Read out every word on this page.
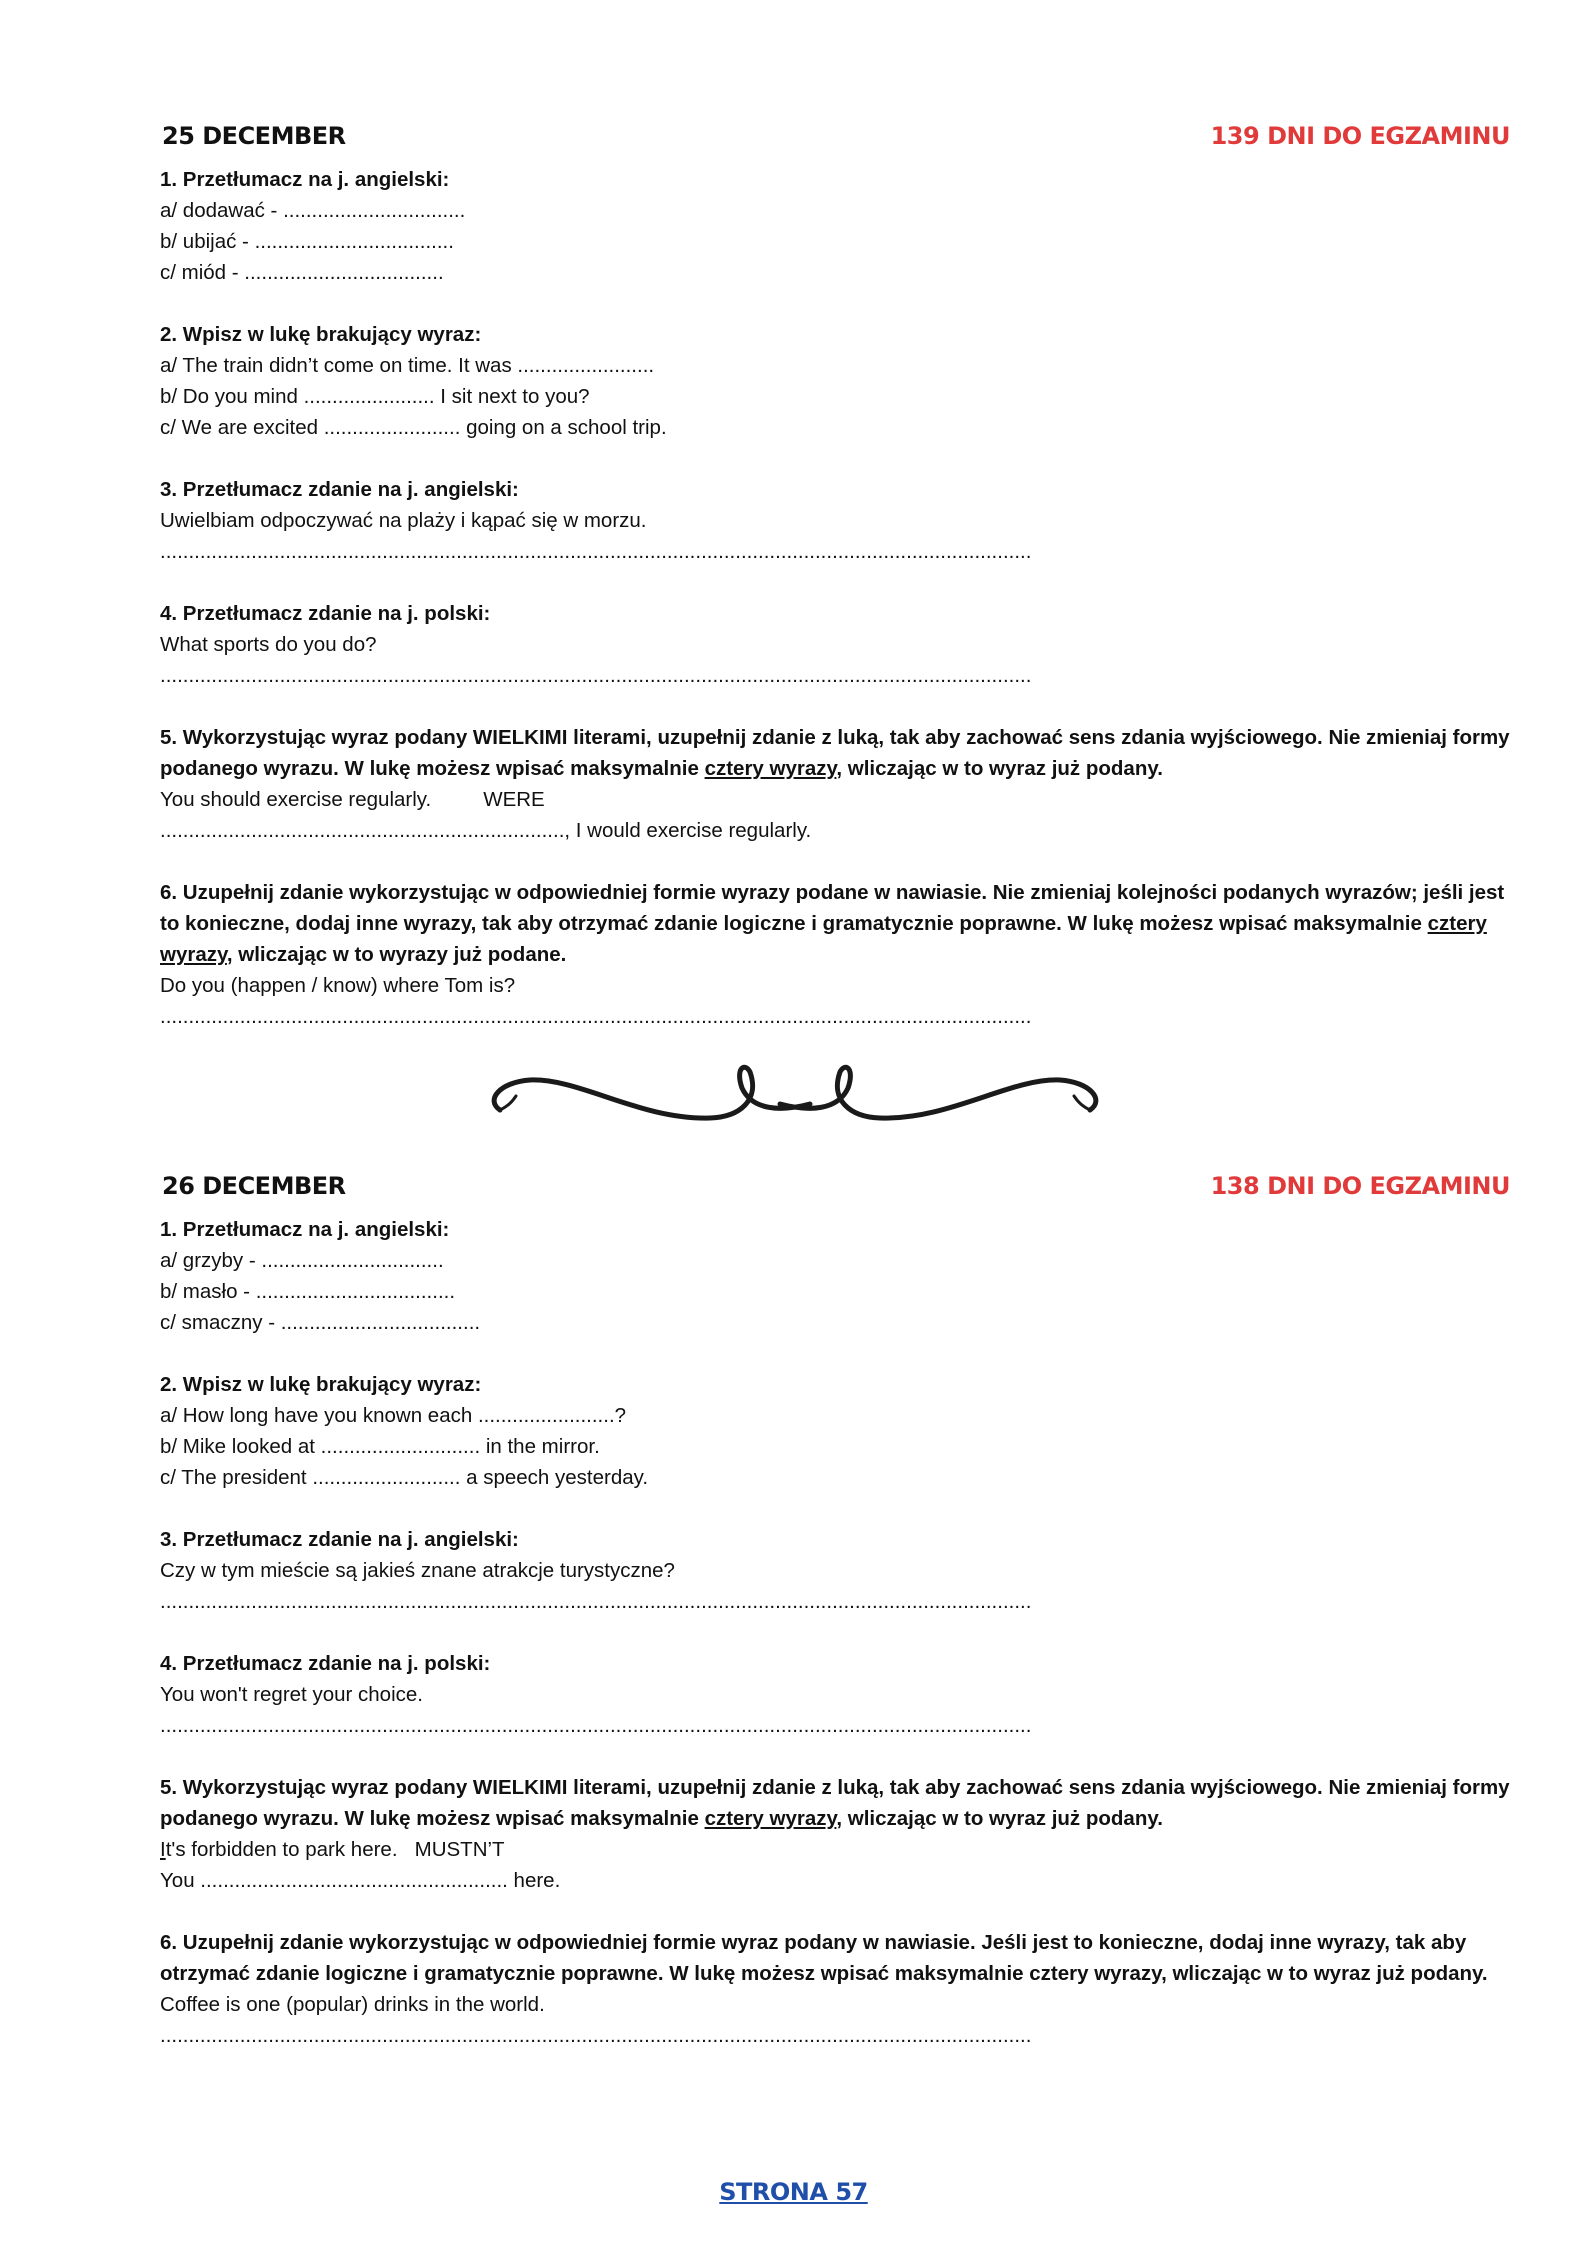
25 DECEMBER	139 DNI DO EGZAMINU

1. Przetłumacz na j. angielski:

a/ dodawać - ................................

b/ ubijać - ...................................

c/ miód - ...................................

2. Wpisz w lukę brakujący wyraz:

a/ The train didn’t come on time. It was ........................

b/ Do you mind ....................... I sit next to you?

c/ We are excited ........................ going on a school trip.

3. Przetłumacz zdanie na j. angielski:

Uwielbiam odpoczywać na plaży i kąpać się w morzu.

.........................................................................................................................................................

4. Przetłumacz zdanie na j. polski:

What sports do you do?

.........................................................................................................................................................

5. Wykorzystując wyraz podany WIELKIMI literami, uzupełnij zdanie z luką, tak aby zachować sens zdania wyjściowego. Nie zmieniaj formy podanego wyrazu. W lukę możesz wpisać maksymalnie cztery wyrazy, wliczając w to wyraz już podany.

You should exercise regularly.	WERE

......................................................................., I would exercise regularly.

6. Uzupełnij zdanie wykorzystując w odpowiedniej formie wyrazy podane w nawiasie. Nie zmieniaj kolejności podanych wyrazów; jeśli jest to konieczne, dodaj inne wyrazy, tak aby otrzymać zdanie logiczne i gramatycznie poprawne. W lukę możesz wpisać maksymalnie cztery wyrazy, wliczając w to wyrazy już podane.

Do you (happen / know) where Tom is?

.........................................................................................................................................................

26 DECEMBER	138 DNI DO EGZAMINU

1. Przetłumacz na j. angielski:

a/ grzyby - ................................

b/ masło - ...................................

c/ smaczny - ...................................

2. Wpisz w lukę brakujący wyraz:

a/ How long have you known each ........................?

b/ Mike looked at ............................ in the mirror.

c/ The president .......................... a speech yesterday.

3. Przetłumacz zdanie na j. angielski:

Czy w tym mieście są jakieś znane atrakcje turystyczne?

.........................................................................................................................................................

4. Przetłumacz zdanie na j. polski:

You won't regret your choice.

.........................................................................................................................................................

5. Wykorzystując wyraz podany WIELKIMI literami, uzupełnij zdanie z luką, tak aby zachować sens zdania wyjściowego. Nie zmieniaj formy podanego wyrazu. W lukę możesz wpisać maksymalnie cztery wyrazy, wliczając w to wyraz już podany.

It's forbidden to park here. MUSTN’T

You ...................................................... here.

6. Uzupełnij zdanie wykorzystując w odpowiedniej formie wyraz podany w nawiasie. Jeśli jest to konieczne, dodaj inne wyrazy, tak aby otrzymać zdanie logiczne i gramatycznie poprawne. W lukę możesz wpisać maksymalnie cztery wyrazy, wliczając w to wyraz już podany.

Coffee is one (popular) drinks in the world.

.........................................................................................................................................................

STRONA 57
